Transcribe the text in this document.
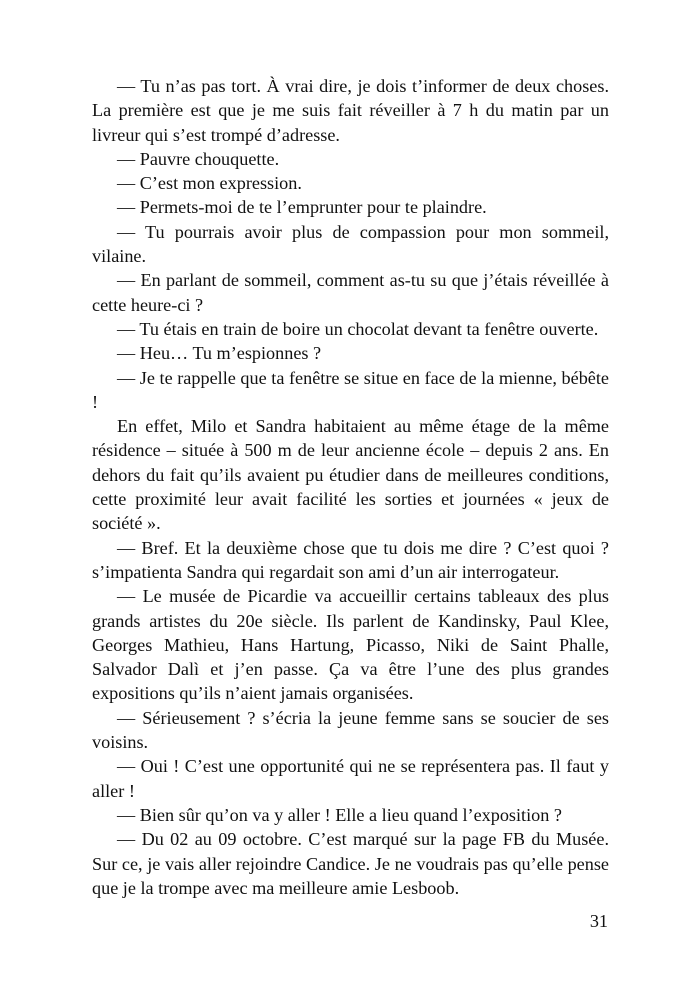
— Tu n’as pas tort. À vrai dire, je dois t’informer de deux choses. La première est que je me suis fait réveiller à 7 h du matin par un livreur qui s’est trompé d’adresse.

— Pauvre chouquette.

— C’est mon expression.

— Permets-moi de te l’emprunter pour te plaindre.

— Tu pourrais avoir plus de compassion pour mon sommeil, vilaine.

— En parlant de sommeil, comment as-tu su que j’étais réveillée à cette heure-ci ?

— Tu étais en train de boire un chocolat devant ta fenêtre ouverte.

— Heu… Tu m’espionnes ?

— Je te rappelle que ta fenêtre se situe en face de la mienne, bébête !

En effet, Milo et Sandra habitaient au même étage de la même résidence – située à 500 m de leur ancienne école – depuis 2 ans. En dehors du fait qu’ils avaient pu étudier dans de meilleures conditions, cette proximité leur avait facilité les sorties et journées « jeux de société ».

— Bref. Et la deuxième chose que tu dois me dire ? C’est quoi ? s’impatienta Sandra qui regardait son ami d’un air interrogateur.

— Le musée de Picardie va accueillir certains tableaux des plus grands artistes du 20e siècle. Ils parlent de Kandinsky, Paul Klee, Georges Mathieu, Hans Hartung, Picasso, Niki de Saint Phalle, Salvador Dalì et j’en passe. Ça va être l’une des plus grandes expositions qu’ils n’aient jamais organisées.

— Sérieusement ? s’écria la jeune femme sans se soucier de ses voisins.

— Oui ! C’est une opportunité qui ne se représentera pas. Il faut y aller !

— Bien sûr qu’on va y aller ! Elle a lieu quand l’exposition ?

— Du 02 au 09 octobre. C’est marqué sur la page FB du Musée. Sur ce, je vais aller rejoindre Candice. Je ne voudrais pas qu’elle pense que je la trompe avec ma meilleure amie Lesboob.

31
